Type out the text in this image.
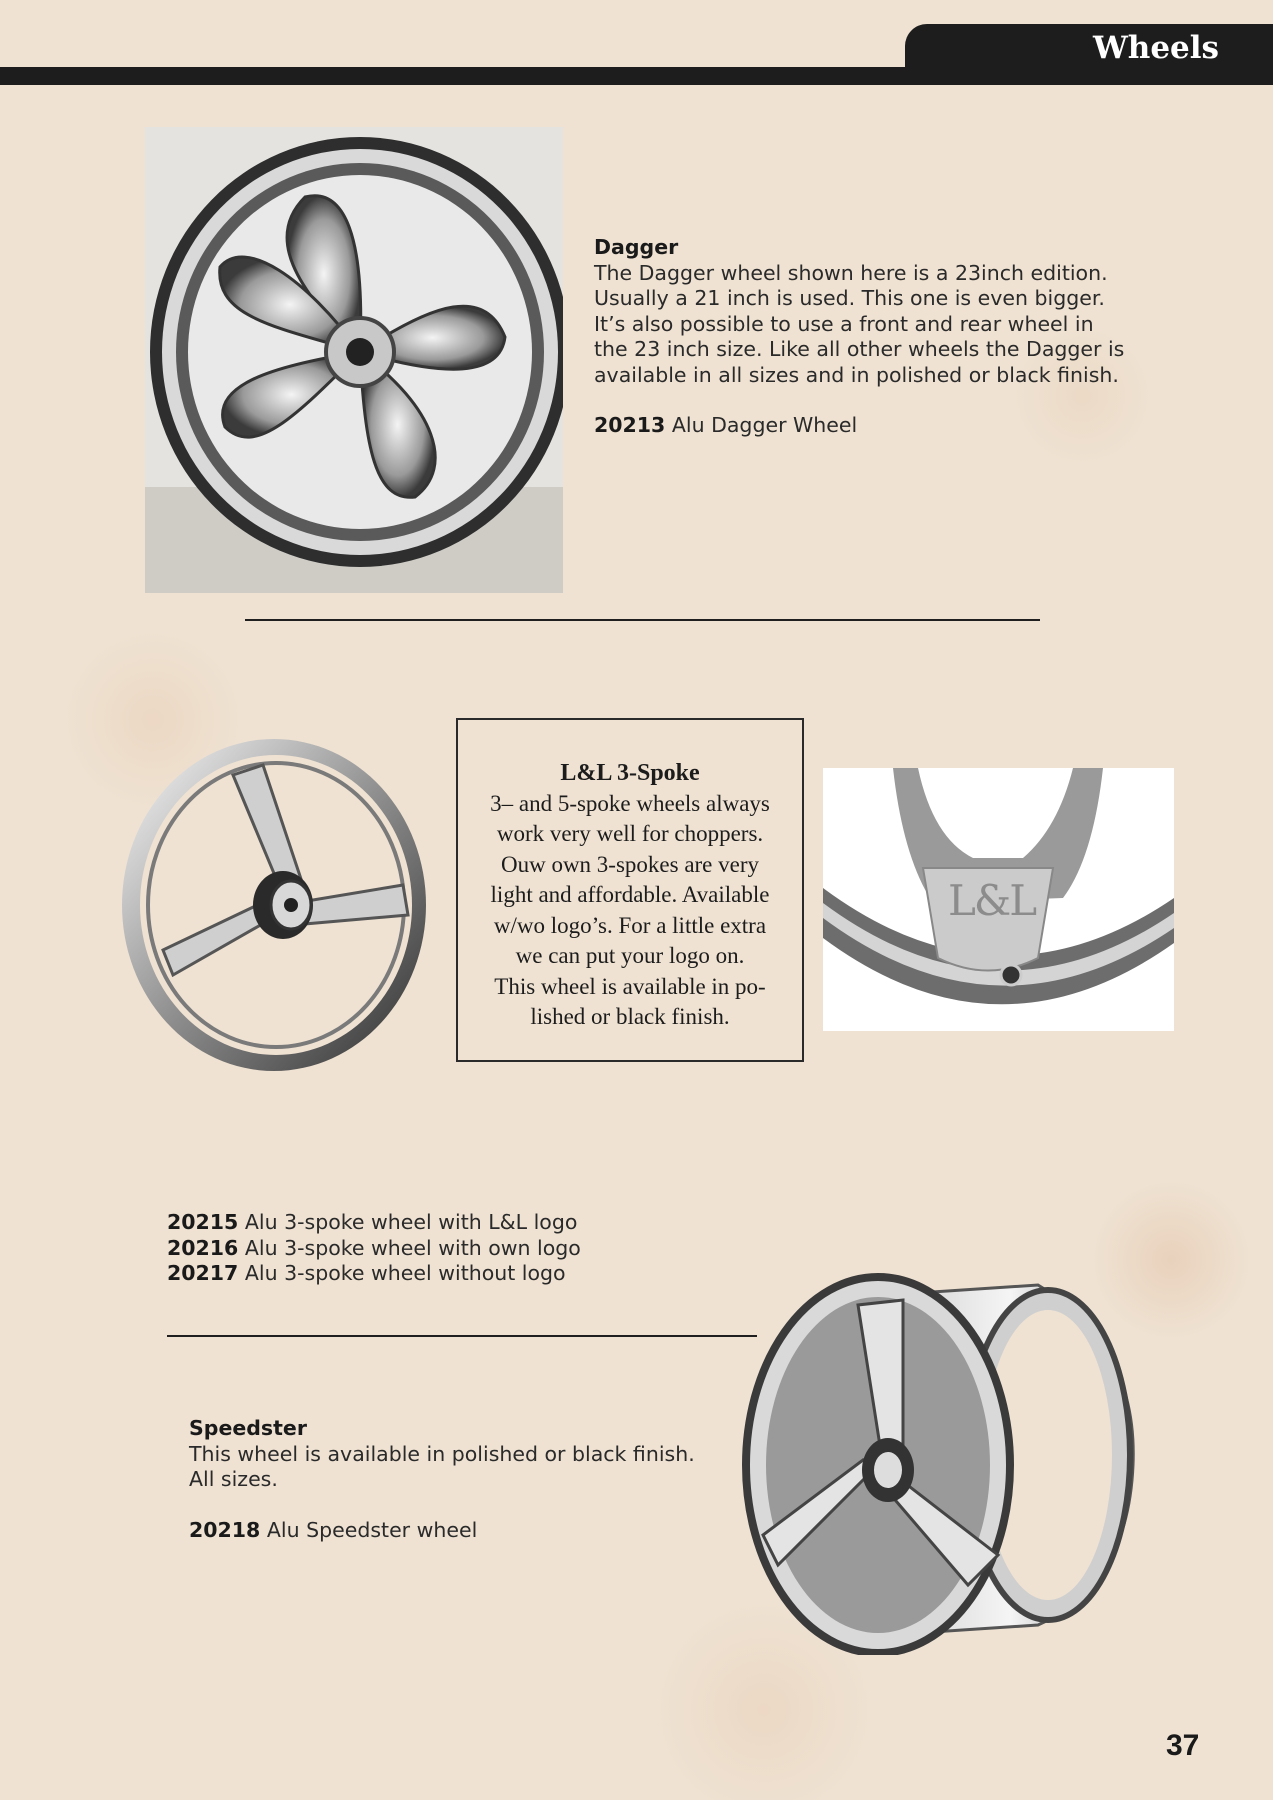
Wheels

Dagger

The Dagger wheel shown here is a 23inch edition.

Usually a 21 inch is used. This one is even bigger.

It’s also possible to use a front and rear wheel in

the 23 inch size. Like all other wheels the Dagger is

available in all sizes and in polished or black finish.

20213 Alu Dagger Wheel

L&L 3-Spoke
3– and 5-spoke wheels always
work very well for choppers.
Ouw own 3-spokes are very
light and affordable. Available
w/wo logo’s. For a little extra
we can put your logo on.
This wheel is available in po-
lished or black finish.
L&L

20215 Alu 3-spoke wheel with L&L logo

20216 Alu 3-spoke wheel with own logo

20217 Alu 3-spoke wheel without logo

Speedster

This wheel is available in polished or black finish.

All sizes.

20218 Alu Speedster wheel

37
